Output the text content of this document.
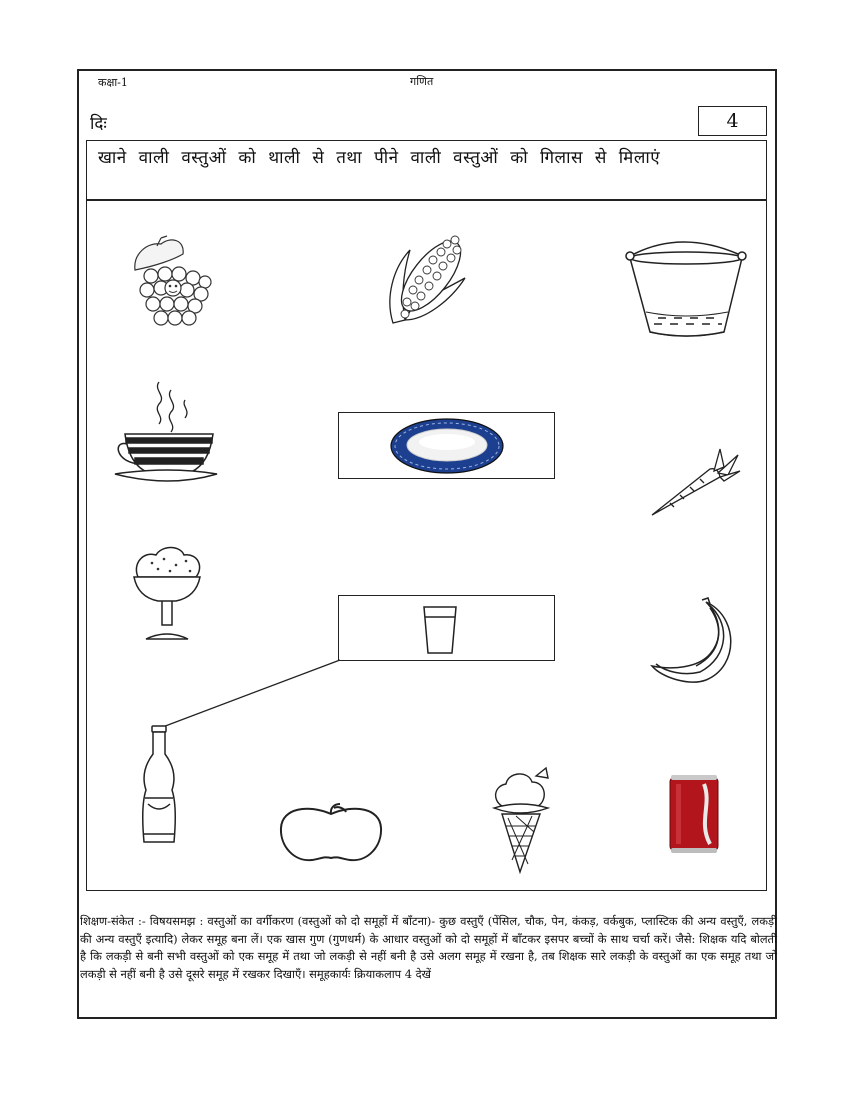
कक्षा-1	गणित
दिः	4
खाने वाली वस्तुओं को थाली से तथा पीने वाली वस्तुओं को गिलास से मिलाएं
शिक्षण-संकेत :- विषयसमझ : वस्तुओं का वर्गीकरण (वस्तुओं को दो समूहों में बाँटना)- कुछ वस्तुएँ (पेंसिल, चौक, पेन, कंकड़, वर्कबुक, प्लास्टिक की अन्य वस्तुएँ, लकड़ी की अन्य वस्तुएँ इत्यादि) लेकर समूह बना लें। एक खास गुण (गुणधर्म) के आधार वस्तुओं को दो समूहों में बाँटकर इसपर बच्चों के साथ चर्चा करें। जैसे: शिक्षक यदि बोलती है कि लकड़ी से बनी सभी वस्तुओं को एक समूह में तथा जो लकड़ी से नहीं बनी है उसे अलग समूह में रखना है, तब शिक्षक सारे लकड़ी के वस्तुओं का एक समूह तथा जो लकड़ी से नहीं बनी है उसे दूसरे समूह में रखकर दिखाएँ। समूहकार्यः क्रियाकलाप 4 देखें
